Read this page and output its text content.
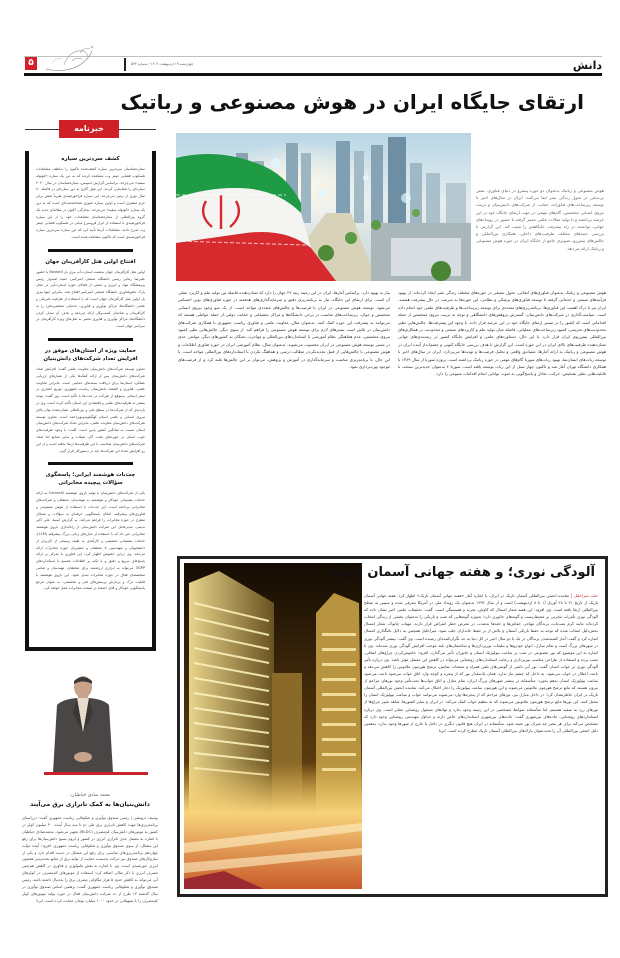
دانش
۵	چهارشنبه ۱۹ اردیبهشت ۱۴۰۳ / شماره ۵۳۳
ارتقای جایگاه ایران در هوش مصنوعی و رباتیک
هوش مصنوعی و رباتیک به‌عنوان دو حوزه پیشرو در دنیای فناوری، نقش بی‌بدیلی در تحول زندگی بشر ایفا می‌کنند. ایران در سال‌های اخیر با توسعه زیرساخت‌های فناورانه، حمایت از شرکت‌های دانش‌بنیان و تربیت نیروی انسانی متخصص، گام‌های مهمی در جهت ارتقای جایگاه خود در این عرصه برداشته و با تولید مقالات علمی معتبر گرفته تا حضور در رویدادهای جهانی، توانسته در راه پیشرفت جایگاهش را تثبیت کند. این گزارش با بررسی جنبه‌های مختلف ظرفیت‌های داخلی، همکاری بین‌المللی و چالش‌های پیش‌رو، تصویری جامع از جایگاه ایران در حوزه هوش مصنوعی و رباتیک ارائه می‌دهد.
هوش مصنوعی و رباتیک به‌عنوان فناوری‌های انقلابی، تحول عمیقی در حوزه‌های مختلف زندگی بشر ایجاد کرده‌اند. از بهبود فرآیندهای صنعتی و خدماتی گرفته تا توسعه فناوری‌های پزشکی و نظامی، این حوزه‌ها به سرعت در حال پیشرفت هستند. ایران نیز با درک اهمیت این فناوری‌ها، برنامه‌ریزی‌های متعددی برای توسعه زیرساخت‌ها و ظرفیت‌های علمی خود انجام داده است. سیاست‌گذاری در شرکت‌های دانش‌بنیان، گسترش پژوهش‌های دانشگاهی و توجه به تربیت نیروی متخصص از جمله اقداماتی است که کشور را در مسیر ارتقای جایگاه خود در این عرصه قرار داده. با وجود این پیشرفت‌ها، چالش‌هایی نظیر محدودیت‌های تحریمی، کمبود زیرساخت‌های عملیاتی، فاصله میان تولید علم و کاربردهای صنعتی و محدودیت در همکاری‌های بین‌المللی پیش‌روی ایران قرار دارد. با این حال، دستاوردهای علمی و افزایش جایگاه کشور در رتبه‌بندی‌های جهانی نشان‌دهنده ظرفیت‌های بالای ایران در این حوزه است. این گزارش با هدف بررسی جایگاه کنونی و چشم‌انداز آینده ایران در هوش مصنوعی و رباتیک به ارائه آمارها، مصادیق واقعی و تحلیل فرصت‌ها و تهدیدها می‌پردازد. ایران در سال‌های اخیر با توسعه ربات‌های انسان‌نما، بهبود ربات‌های سورنا گام‌های مهمی در حوزه رباتیک برداشته است. پروژه سورنا از سال ۱۳۸۹ با همکاری دانشگاه تهران آغاز شد و تاکنون چهار نسل از این ربات توسعه یافته است. سورنا ۴ به‌عنوان جدیدترین نسخه، با قابلیت‌هایی نظیر تشخیص، حرکت، تعادل و پاسخ‌گویی به صوت توانایی انجام اقدامات متنوعی را دارد.
نیاز به بهبود دارد. براساس آمارها، ایران در این زمینه رتبه ۲۲ جهان را دارد که نشان‌دهنده فاصله بین تولید علم و کاربرد عملی آن است. برای ارتقای این جایگاه، نیاز به برنامه‌ریزی دقیق و سرمایه‌گذاری‌های هدفمند در حوزه فناوری‌های نوین احساس می‌شود. توسعه هوش مصنوعی در ایران با فرصت‌ها و چالش‌های متعددی مواجه است. از یک سو وجود نیروی انسانی متخصص و جوان، زیرساخت‌های مناسب در برخی دانشگاه‌ها و مراکز تحقیقاتی و حمایت دولتی از جمله عواملی هستند که می‌توانند به پیشرفت این حوزه کمک کنند. به‌عنوان مثال، معاونت علمی و فناوری ریاست جمهوری با همکاری شرکت‌های دانش‌بنیان در تلاش است بسترهای لازم برای توسعه هوش مصنوعی را فراهم کند. از سوی دیگر، چالش‌هایی نظیر کمبود نیروی متخصص، عدم هماهنگی نظام آموزشی با استانداردهای بین‌المللی و مهاجرت نخبگان به کشورهای دیگر، موانعی جدی در مسیر توسعه هوش مصنوعی در ایران محسوب می‌شوند. به‌عنوان مثال، نظام آموزشی ایران در حوزه فناوری اطلاعات و هوش مصنوعی با چالش‌هایی از قبیل تجدیدنکردن مطالب درسی و هماهنگ نکردن با استانداردهای بین‌المللی مواجه است. با این حال، با برنامه‌ریزی مناسب و سرمایه‌گذاری در آموزش و پژوهش، می‌توان بر این چالش‌ها غلبه کرد و از فرصت‌های موجود بهره‌برداری نمود.
خبرنامه
کشف سردترین سیاره
ستاره‌شناسان سردترین سیاره کشف‌شده تاکنون را به‌لطف مشاهدات تلسکوپ فضایی جیمز وب مشاهده کردند که به دور یک ستاره «کوتوله سفید» می‌چرخد. براساس گزارش اسپیس، ستاره‌شناسان در سال ۲۰۲۰ سیاره‌ای را شناسایی کردند. این غول گازی به دور ستاره‌ای در فاصله ۸۰ سال نوری از زمین می‌چرخد. این سیاره فراخورشیدی تقریباً شش برابر جرم مشتری است و اولین سیاره عبوری شناخته‌شده‌ای است که به دور یک ستاره «کوتوله سفید» می‌چرخد. به‌تازگی، اکنون در مقاله‌ای جدید یک گروه بین‌المللی از ستاره‌شناسان مشاهدات خود را از این سیاره فراخورشیدی با استفاده از ابزار فروسرخ میانی در تلسکوپ فضایی جیمز وب شرح دادند. مشاهدات آن‌ها تأیید کرد که این سیاره سردترین سیاره فراخورشیدی است که تاکنون مشاهده شده است.
افتتاح اولین هتل کارآفرینان جهان
اولین هتل کارآفرینان جهان به‌همت استارت‌آپ بیزی بل Baxbell با حضور علیرضا رهایی رئیس دانشگاه صنعتی امیرکبیر، حمید امیدوار رئیس پژوهشگاه مواد و انرژی و جمعی از فعالان حوزه استارت‌آپی در محل پارک علم‌وفناوری دانشگاه صنعتی امیرکبیر افتتاح شد. بنابراین اینها بیزی بل اولین هتل کارآفرینان جهان است که با استفاده از ظرفیت فیزیکی و علمی دانشگاه‌ها، مراکز نوآوری و فناوری، خدماتی منحصربه‌فرد را به کارآفرینان و صاحبان کسب‌وکار ارائه می‌دهد و هدف آن تبدیل کردن دانشگاه‌ها، مراکز نوآوری و فناوری معتبر به هتل‌های ویژه کارآفرینان در سراسر جهان است.
حمایت ویژه از استان‌های موفق در افزایش تعداد شرکت‌های دانش‌بنیان
معاون توسعه شرکت‌های دانش‌بنیان معاونت علمی گفت: افزایش تعداد شرکت‌های دانش‌بنیان پس از ارائه کمک‌ها یکی از معیارهای ارزیابی عملکرد استان‌ها برای دریافت بسته‌های حمایتی است. بنابراین معاونت علمی، فناوری و اقتصاد دانش‌بنیان ریاست جمهوری، توزیع اعتباری در سفر استانی به‌موقع از شرکت در مدت‌ها با تأکید است. وی گفت: توجه بیشتر به ظرفیت‌های علمی و اقتصادی این استان تأکید کرده است. وی در بازدیدی که از شرکت‌ها در سطح ملی و بین‌المللی نشان‌دهنده توان بالای نیروی انسانی و علمی استان کهگیلویه‌وبویراحمد است. معاون توسعه شرکت‌های دانش‌بنیان معاونت علمی، بنابراین تعداد شرکت‌های دانش‌بنیان استان نسبت به میانگین کشور پایین است. گفت: با وجود ظرفیت‌های خوب استان در حوزه‌های نفت، گاز، شیلات و سایر صنایع اما تعداد شرکت‌های دانش‌بنیان متناسب با این ظرفیت‌ها ارتقا نیافته است و از این رو افزایش تعداد این شرکت‌ها باید در دستورکار قرار گیرد.
چت‌بات هوشمند ایرانی؛ پاسخگوی سؤالات پیچیده مخابراتی
یکی از شرکت‌های دانش‌بنیان با تولید بازوی هوشمند CommAI به ارائه خدمات پشتیبانی خودکار و هوشمند به مهندسان، محققان و شرکت‌های مخابراتی پرداخته است. این چت‌بات با استفاده از هوش مصنوعی و فناوری‌های پیشرفته، امکان پاسخگویی حرفه‌ای به سؤالات و مسائل مطرح در حوزه مخابرات را فراهم می‌کند. به گزارش ایسنا، علی اکبر ندیمی، مدیرعامل این شرکت دانش‌بنیان از راه‌اندازی بازوی هوشمند مخابراتی خبر داد که با استفاده از مدل‌های زبانی بزرگ پیشرفته (LLM)، خدمات پشتیبانی تخصصی و کارآمدی به طیف وسیعی از کاربران از دانشجویان و مهندسین تا محققان و مشتریان حوزه مخابرات ارائه می‌دهد. وی دراین خصوص اظهار کرد: این فناوری با تمرکز بر ارائه پاسخ‌های سریع و دقیق و با تکیه بر اطلاعات همسو با استانداردهای 3GPP می‌تواند به ابزاری ارزشمند برای محققان، مهندسان و تمامی متخصصان فعال در حوزه مخابرات تبدیل شود. این بازوی هوشمند با قابلیت درک و پردازش پرسش‌های فنی و تخصصی، به عنوان مرجع پاسخگویی خودکار و قابل اعتماد در صنعت مخابرات عمل خواهد کرد.
محمد صادق خیاطیان:
دانش‌بنیان‌ها به کمک ناترازی برق می‌آیند
یوسف درویشی | رئیس صندوق نوآوری و شکوفایی ریاست جمهوری گفت: درراستای برنامه‌ریزی‌ها جهت کاهش ناترازی برق طی دو تا سه سال آینده، ۳۰ میلیون کولر در کشور به موتورهای دانش‌بنیان کم‌مصرف (BLDC) تجهیز می‌شود. محمدصادق خیاطیان با اشاره به معضل جدی ناترازی انرژی در کشور و لزوم بسیج دانش‌بنیان‌ها برای رفع این مشکل، از سوی صندوق نوآوری و شکوفایی ریاست جمهوری، افزود: آینده دولت چهاردهم برنامه‌ریزی‌های مناسبی برای رفع این مشکل در دست اقدام دارد و یکی از سازوکارهای صندوق نیز حرکت به‌سمت حمایت از تولید برق از منابع تجدیدپذیر همچون انرژی خورشیدی است. وی با اشاره به نقش تکنولوژی و فناوری در کاهش هم‌چنین مصرف انرژی با ذکر مثالی اضافه کرد: استفاده از موتورهای کم‌مصرف در کولرهای آبی می‌تواند به کاهش حدود ۵ هزار مگاواتی مصرف برق را به‌دنبال داشته باشد. رئیس صندوق نوآوری و شکوفایی ریاست جمهوری گفت: برهمین اساس صندوق نوآوری در سال گذشته ۱۷ طرح از ده شرکت دانش‌بنیان فعال در حوزه تولید موتورهای کولر کم‌مصرف را با تسهیلاتی در حدود ۱۰۰۰ میلیارد تومان حمایت کرده است. ایرنا
آلودگی نوری؛ و هفته جهانی آسمان تاریک
جلب میراخلیل | نماینده انجمن بین‌المللی آسمان تاریک در ایران، با اشاره آغاز «هفته جهانی آسمان تاریک» اظهار کرد: هفته جهانی آسمان تاریک از تاریخ ۲۱ تا ۲۸ آوریل (۱ تا ۸ اردیبهشت) است و از سال ۱۳۹۴ به‌عنوان یک رویداد ملی در آمریکا معرفی شده و سپس به سطح بین‌المللی ارتقا یافته است. وی افزود: این هفته شعار امسال که کاوش، تجربه و همبستگی است. گفت: تحقیقات علمی اخیر نشان داده که آلودگی نوری تأثیرات مخربی بر محیط‌زیست و گونه‌های جانوری دارد؛ به‌ویژه گونه‌هایی که شب و تاریکی را به‌عنوان بخشی از زندگی انتخاب کرده‌اند مانند کرم شب‌تاب، پرندگان مهاجر، خفاش‌ها و جغدها به‌شدت در معرض خطر انقراض قرار دارند. مهتاب چابوک، شعار امسال بخش‌دلیل انتخاب شده که توجه به حفظ تاریکی آسمان و تلاش از بر حفظ جانداران جلب شود. میراخلیل همچنین به دلایل نامگذاری امسال اشاره کرد و گفت: آمار کشته‌شدن پرندگان در یک یا دو سال اخیر در کل دنیا به حد نگران‌کننده‌ای رسیده است. وی گفت: بیشتر آلودگی نوری در شهرهای بزرگ است و تمام منازل، انواع خودروها و تبلیغات نورپردازی‌ها و ساختمان‌های بلند موجب افزایش آلودگی نوری شده‌اند. وی با اشاره به این موضوع که نور مصنوعی در شب بر ساعت بیولوژیک انسان و جانوران تأثیر می‌گذارد، افزود: خاموش‌کردن چراغ‌های اضافی، نصب پرده و استفاده از طراحی مناسب نورپردازی و رعایت استانداردهای روشنایی می‌تواند در کاهش این معضل مؤثر باشد. وی درباره تأثیر آلودگی نوری بر خواب انسان گفت: نور آبی ناشی از گوشی‌های تلفن همراه و صفحات نمایش، ترشح هورمون ملاتونین را کاهش می‌دهد و باعث اختلال در خواب می‌شود. به داخل که چشم نیاز ندارد، همان یک‌مقدار نور که از پنجره و کوچه وارد اتاق خواب می‌شود باعث می‌شود ساعت بیولوژیک انسان به‌هم بخورد. متأسفانه در بیشتر شهرهای بزرگ ایران، تمام منازل و اتاق خواب‌ها تحت‌تأثیر وجود نورهای مزاحم از بیرون هستند که مانع ترشح هورمون ملاتونین می‌شوند و این هورمون ساعت بیولوژیک را دچار اختلال می‌کند. نماینده انجمن بین‌المللی آسمان تاریک در ایران خاطرنشان کرد: در داخل منازل نیز، نورهای مزاحم که از پنجره‌ها وارد می‌شوند می‌توانند خواب و ساعت بیولوژیک انسان را مختل کنند. این نورها مانع ترشح هورمون ملاتونین می‌شوند که به تنظیم خواب کمک می‌کند. در ایران و سایر کشورها، شاهد تغییر چراغ‌ها از نورهای زرد به سفید هستیم، اما متأسفانه ضوابط مشخصی در این زمینه وجود ندارد و نهادهای مسئول روشنایی معابر است. وی درباره استانداردهای روشنایی، جاده‌های بین‌شهری گفت: جاده‌های بین‌شهری استانداردهای خاص دارند و جداول مهندسی روشنایی وجود دارد که مشخص می‌کند برای هر معبر چه میزان نور تعبیه شود. متأسفانه در ایران هیچ قانون دیگری در داخل یا خارج از شهرها وجود ندارد. به‌همین دلیل انجمن بین‌المللی آن را تحت‌عنوان پارک‌های بین‌المللی آسمان تاریک مطرح کرده است. ایرنا
